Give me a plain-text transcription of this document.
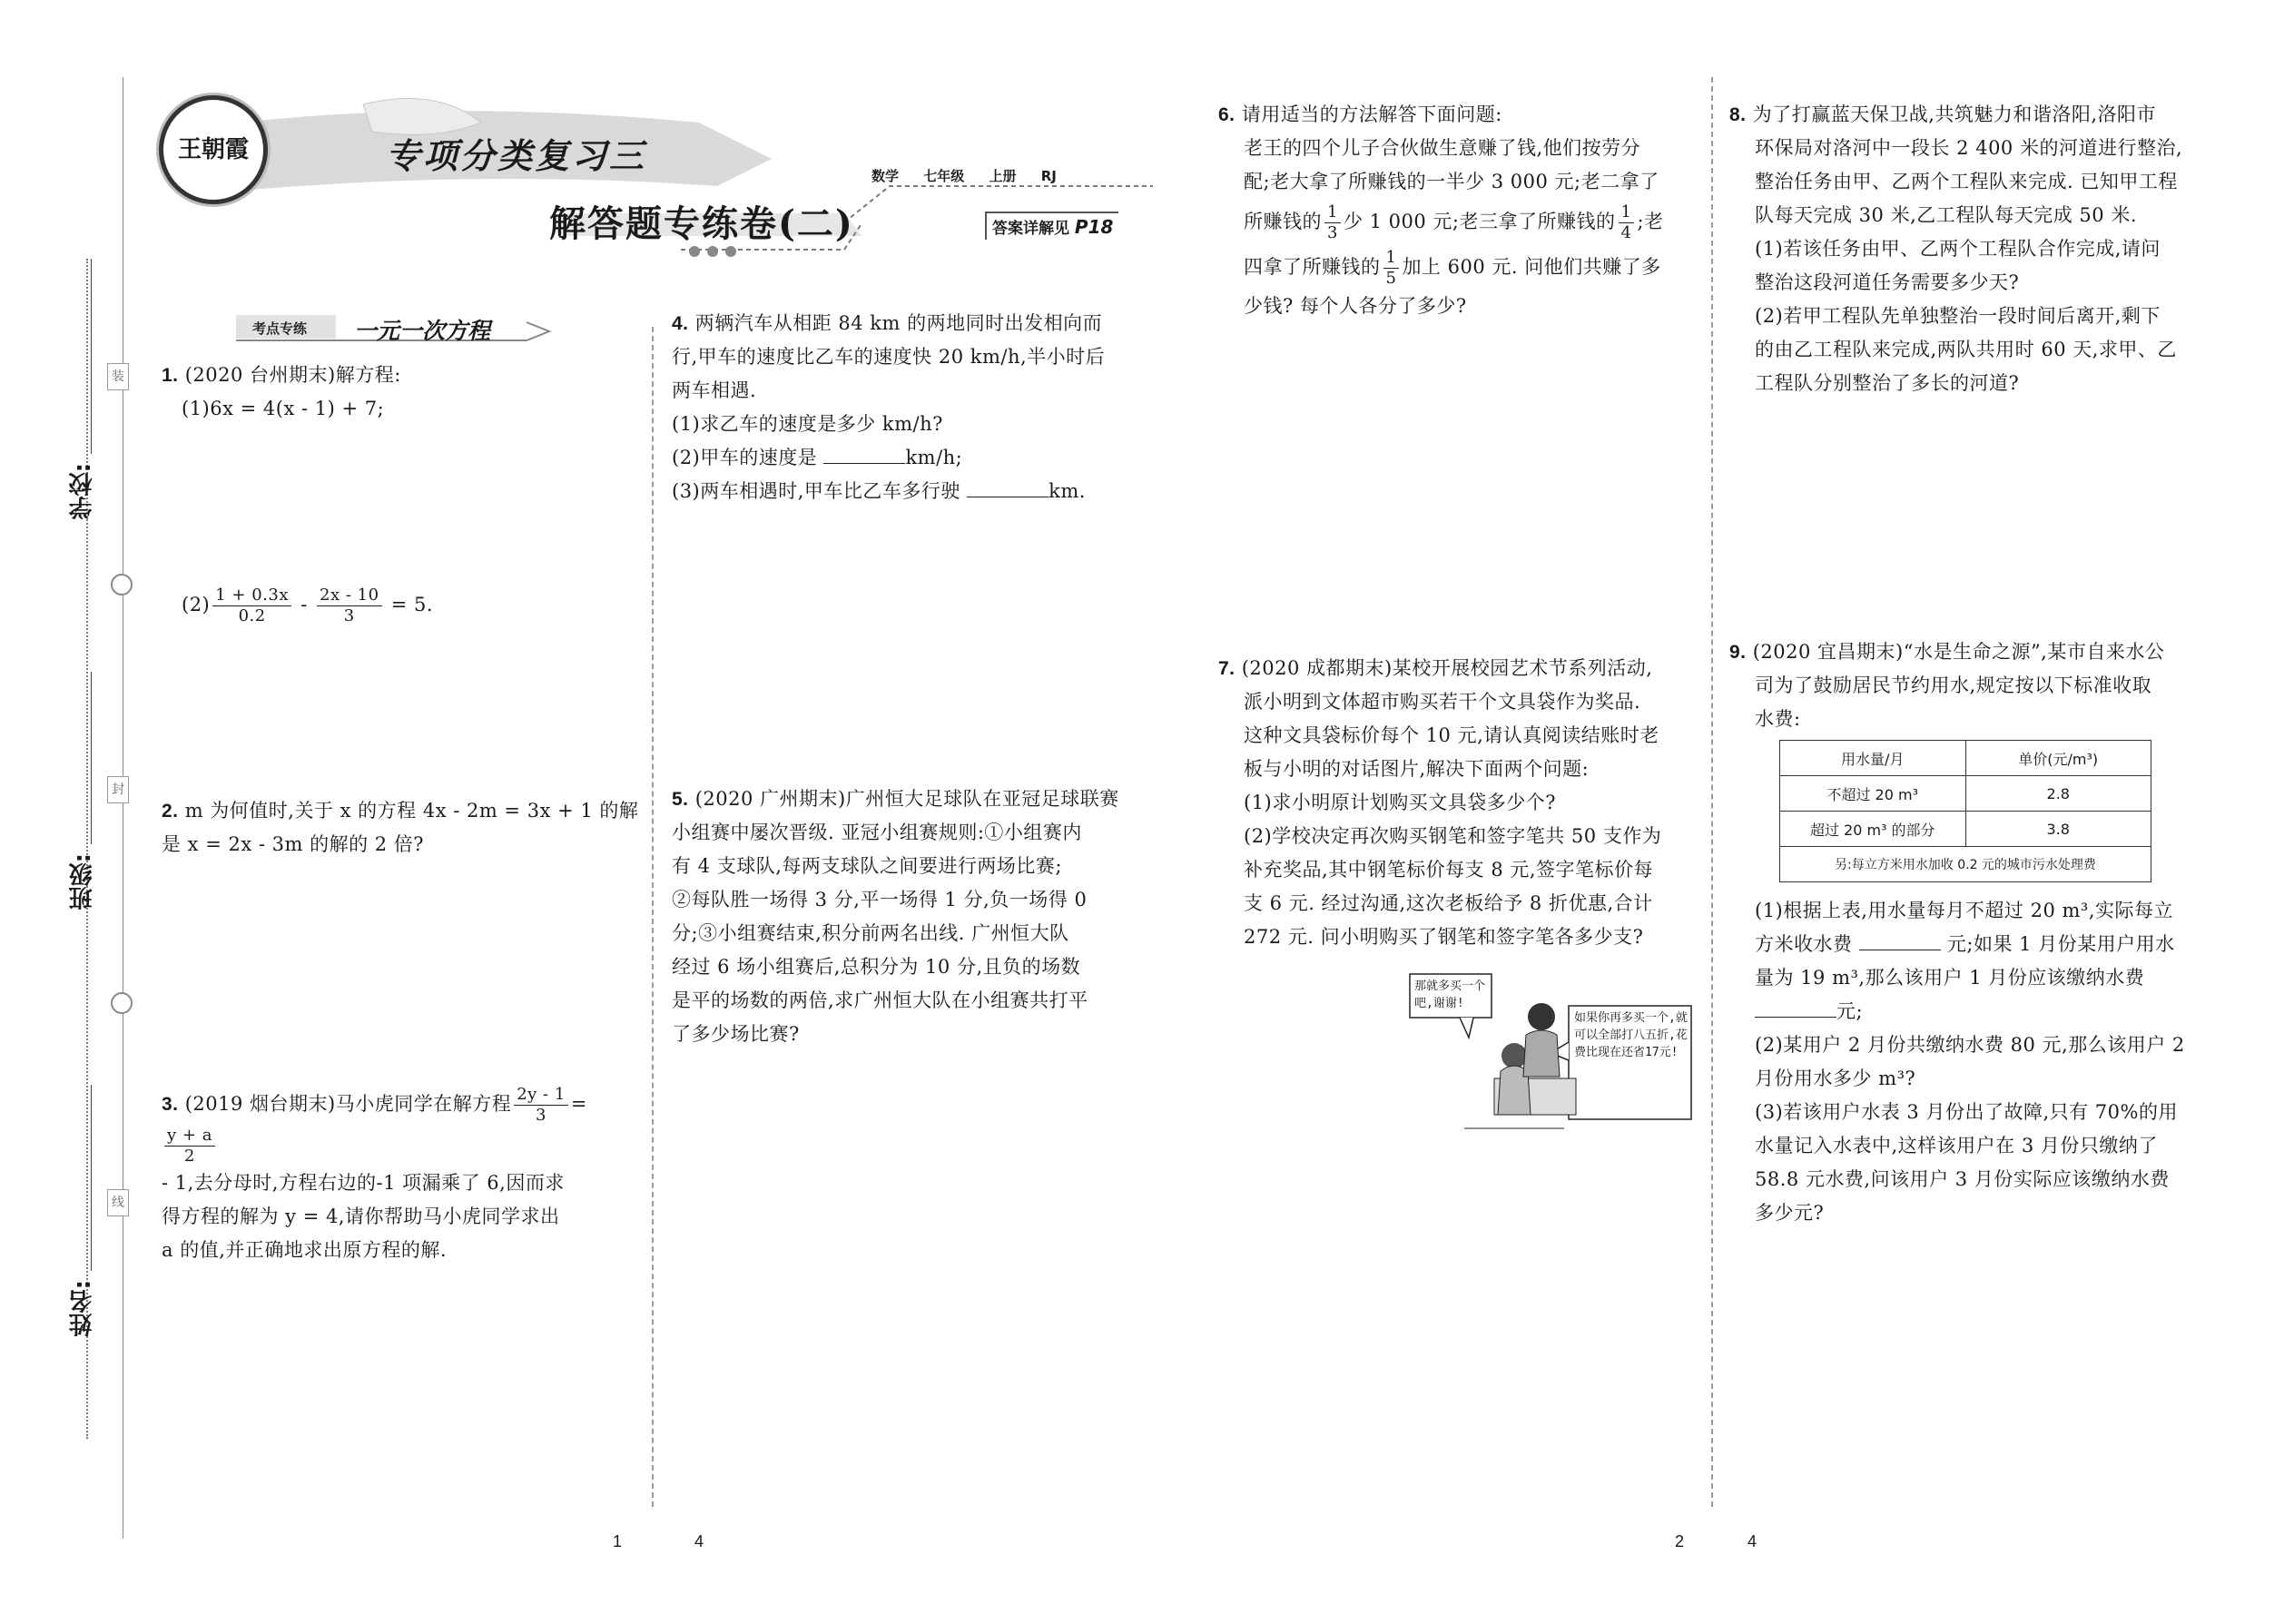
学校:
班级:
姓名:
装
封
线
王朝霞	专项分类复习三
解答题专练卷(二)
数学 七年级 上册 RJ
答案详解见 P18
考点专练 一元一次方程

1. (2020 台州期末)解方程:

(1)6x = 4(x - 1) + 7;

$(2) \frac{1 + 0.3x}{0.2} - \frac{2x - 10}{3} = 5$.

2. m 为何值时,关于 x 的方程 4x - 2m = 3x + 1 的解

是 x = 2x - 3m 的解的 2 倍?

3. (2019 烟台期末)马小虎同学在解方程 $\frac{2y - 1}{3}$ =
$\frac{y + a}{2}$

- 1,去分母时,方程右边的-1 项漏乘了 6,因而求

得方程的解为 y = 4,请你帮助马小虎同学求出

a 的值,并正确地求出原方程的解.

4. 两辆汽车从相距 84 km 的两地同时出发相向而

行,甲车的速度比乙车的速度快 20 km/h,半小时后

两车相遇.

(1)求乙车的速度是多少 km/h?

(2)甲车的速度是	km/h;

(3)两车相遇时,甲车比乙车多行驶	km.

5. (2020 广州期末)广州恒大足球队在亚冠足球联赛

小组赛中屡次晋级. 亚冠小组赛规则:①小组赛内

有 4 支球队,每两支球队之间要进行两场比赛;

②每队胜一场得 3 分,平一场得 1 分,负一场得 0

分;③小组赛结束,积分前两名出线. 广州恒大队

经过 6 场小组赛后,总积分为 10 分,且负的场数

是平的场数的两倍,求广州恒大队在小组赛共打平

了多少场比赛?

6. 请用适当的方法解答下面问题:

老王的四个儿子合伙做生意赚了钱,他们按劳分

配;老大拿了所赚钱的一半少 3 000 元;老二拿了

所赚钱的 $\frac{1}{3}$ 少 1 000 元;老三拿了所赚钱的 $\frac{1}{4}$ ;老

四拿了所赚钱的 $\frac{1}{5}$ 加上 600 元. 问他们共赚了多

少钱? 每个人各分了多少?

7. (2020 成都期末)某校开展校园艺术节系列活动,

派小明到文体超市购买若干个文具袋作为奖品.

这种文具袋标价每个 10 元,请认真阅读结账时老

板与小明的对话图片,解决下面两个问题:

(1)求小明原计划购买文具袋多少个?

(2)学校决定再次购买钢笔和签字笔共 50 支作为

补充奖品,其中钢笔标价每支 8 元,签字笔标价每

支 6 元. 经过沟通,这次老板给予 8 折优惠,合计

272 元. 问小明购买了钢笔和签字笔各多少支?

那就多买一个吧,谢谢!
如果你再多买一个,就可以全部打八五折,花费比现在还省17元!

8. 为了打赢蓝天保卫战,共筑魅力和谐洛阳,洛阳市

环保局对洛河中一段长 2 400 米的河道进行整治,

整治任务由甲、乙两个工程队来完成. 已知甲工程

队每天完成 30 米,乙工程队每天完成 50 米.

(1)若该任务由甲、乙两个工程队合作完成,请问

整治这段河道任务需要多少天?

(2)若甲工程队先单独整治一段时间后离开,剩下

的由乙工程队来完成,两队共用时 60 天,求甲、乙

工程队分别整治了多长的河道?

9. (2020 宜昌期末)“水是生命之源”,某市自来水公

司为了鼓励居民节约用水,规定按以下标准收取

水费:

用水量/月	单价(元/m³)
不超过 20 m³	2.8
超过 20 m³ 的部分	3.8
另:每立方米用水加收 0.2 元的城市污水处理费	

(1)根据上表,用水量每月不超过 20 m³,实际每立

方米收水费	元;如果 1 月份某用户用水

量为 19 m³,那么该用户 1 月份应该缴纳水费

元;

(2)某用户 2 月份共缴纳水费 80 元,那么该用户 2

月份用水多少 m³?

(3)若该用户水表 3 月份出了故障,只有 70%的用

水量记入水表中,这样该用户在 3 月份只缴纳了

58.8 元水费,问该用户 3 月份实际应该缴纳水费

多少元?

1	4	2	4
